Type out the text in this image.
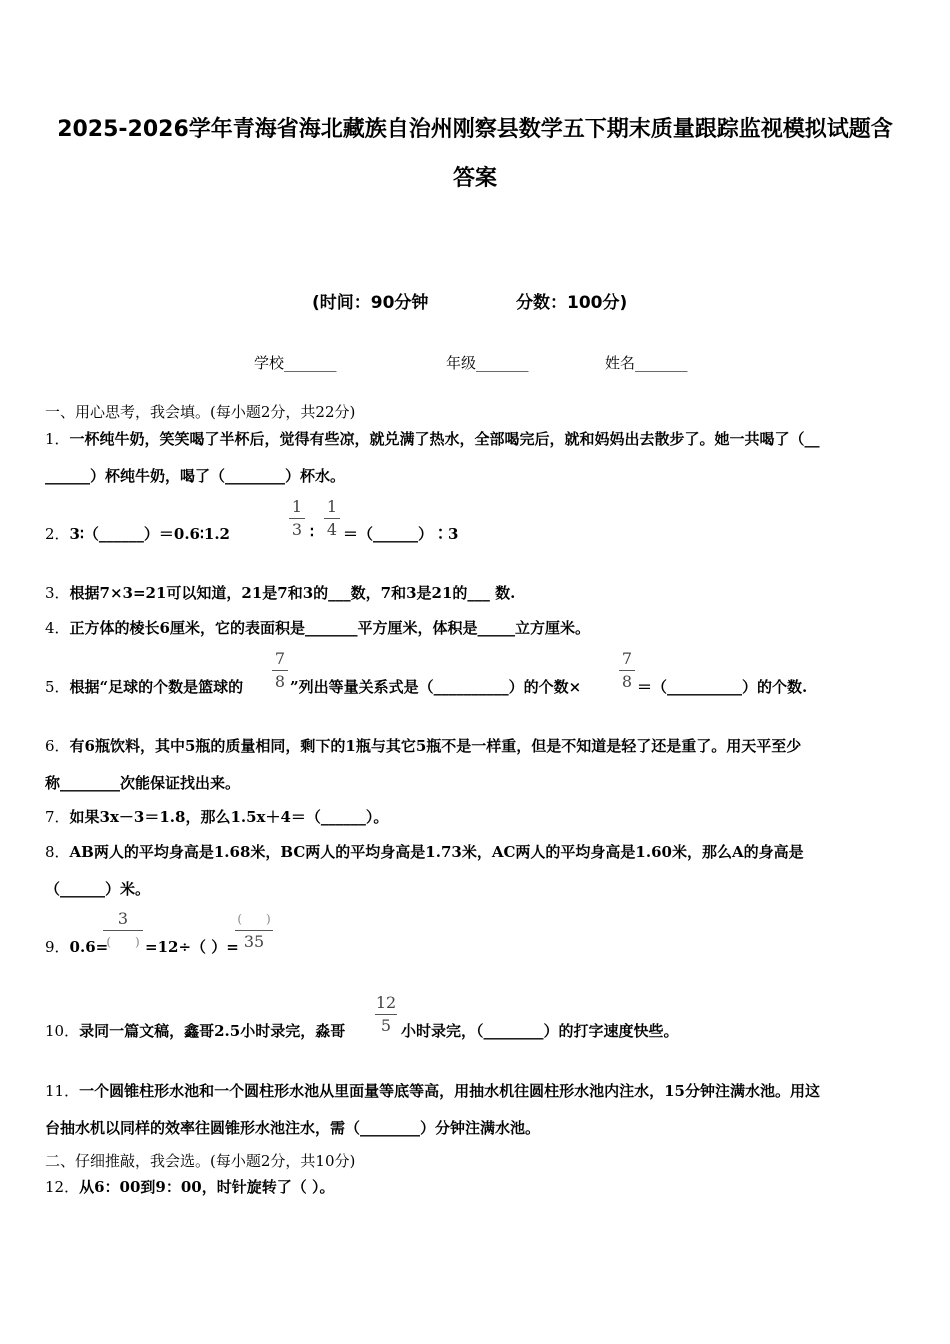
2025-2026学年青海省海北藏族自治州刚察县数学五下期末质量跟踪监视模拟试题含
答案
(时间：90分钟	分数：100分)
学校_______	年级_______	姓名_______
一、用心思考，我会填。(每小题2分，共22分)
1．一杯纯牛奶，笑笑喝了半杯后，觉得有些凉，就兑满了热水，全部喝完后，就和妈妈出去散步了。她一共喝了（__
______）杯纯牛奶，喝了（________）杯水。
2．3∶（______）＝0.6∶1.2
1
3 ∶
1
4 ＝（______）∶3
3．根据7×3=21可以知道，21是7和3的___数，7和3是21的___ 数.
4．正方体的棱长6厘米，它的表面积是_______平方厘米，体积是_____立方厘米。
5．根据“足球的个数是篮球的
7
8 ”列出等量关系式是（__________）的个数×
7
8 ＝（__________）的个数.
6．有6瓶饮料，其中5瓶的质量相同，剩下的1瓶与其它5瓶不是一样重，但是不知道是轻了还是重了。用天平至少
称________次能保证找出来。
7．如果3x－3＝1.8，那么1.5x＋4＝（______）。
8．AB两人的平均身高是1.68米，BC两人的平均身高是1.73米，AC两人的平均身高是1.60米，那么A的身高是
（______）米。
9．0.6=
3
(　　) =12÷（ ）=
(　　)
35
10．录同一篇文稿，鑫哥2.5小时录完，淼哥
12
5 小时录完，（________）的打字速度快些。
11．一个圆锥柱形水池和一个圆柱形水池从里面量等底等高，用抽水机往圆柱形水池内注水，15分钟注满水池。用这
台抽水机以同样的效率往圆锥形水池注水，需（________）分钟注满水池。
二、仔细推敲，我会选。(每小题2分，共10分)
12．从6：00到9：00，时针旋转了（ ）。
